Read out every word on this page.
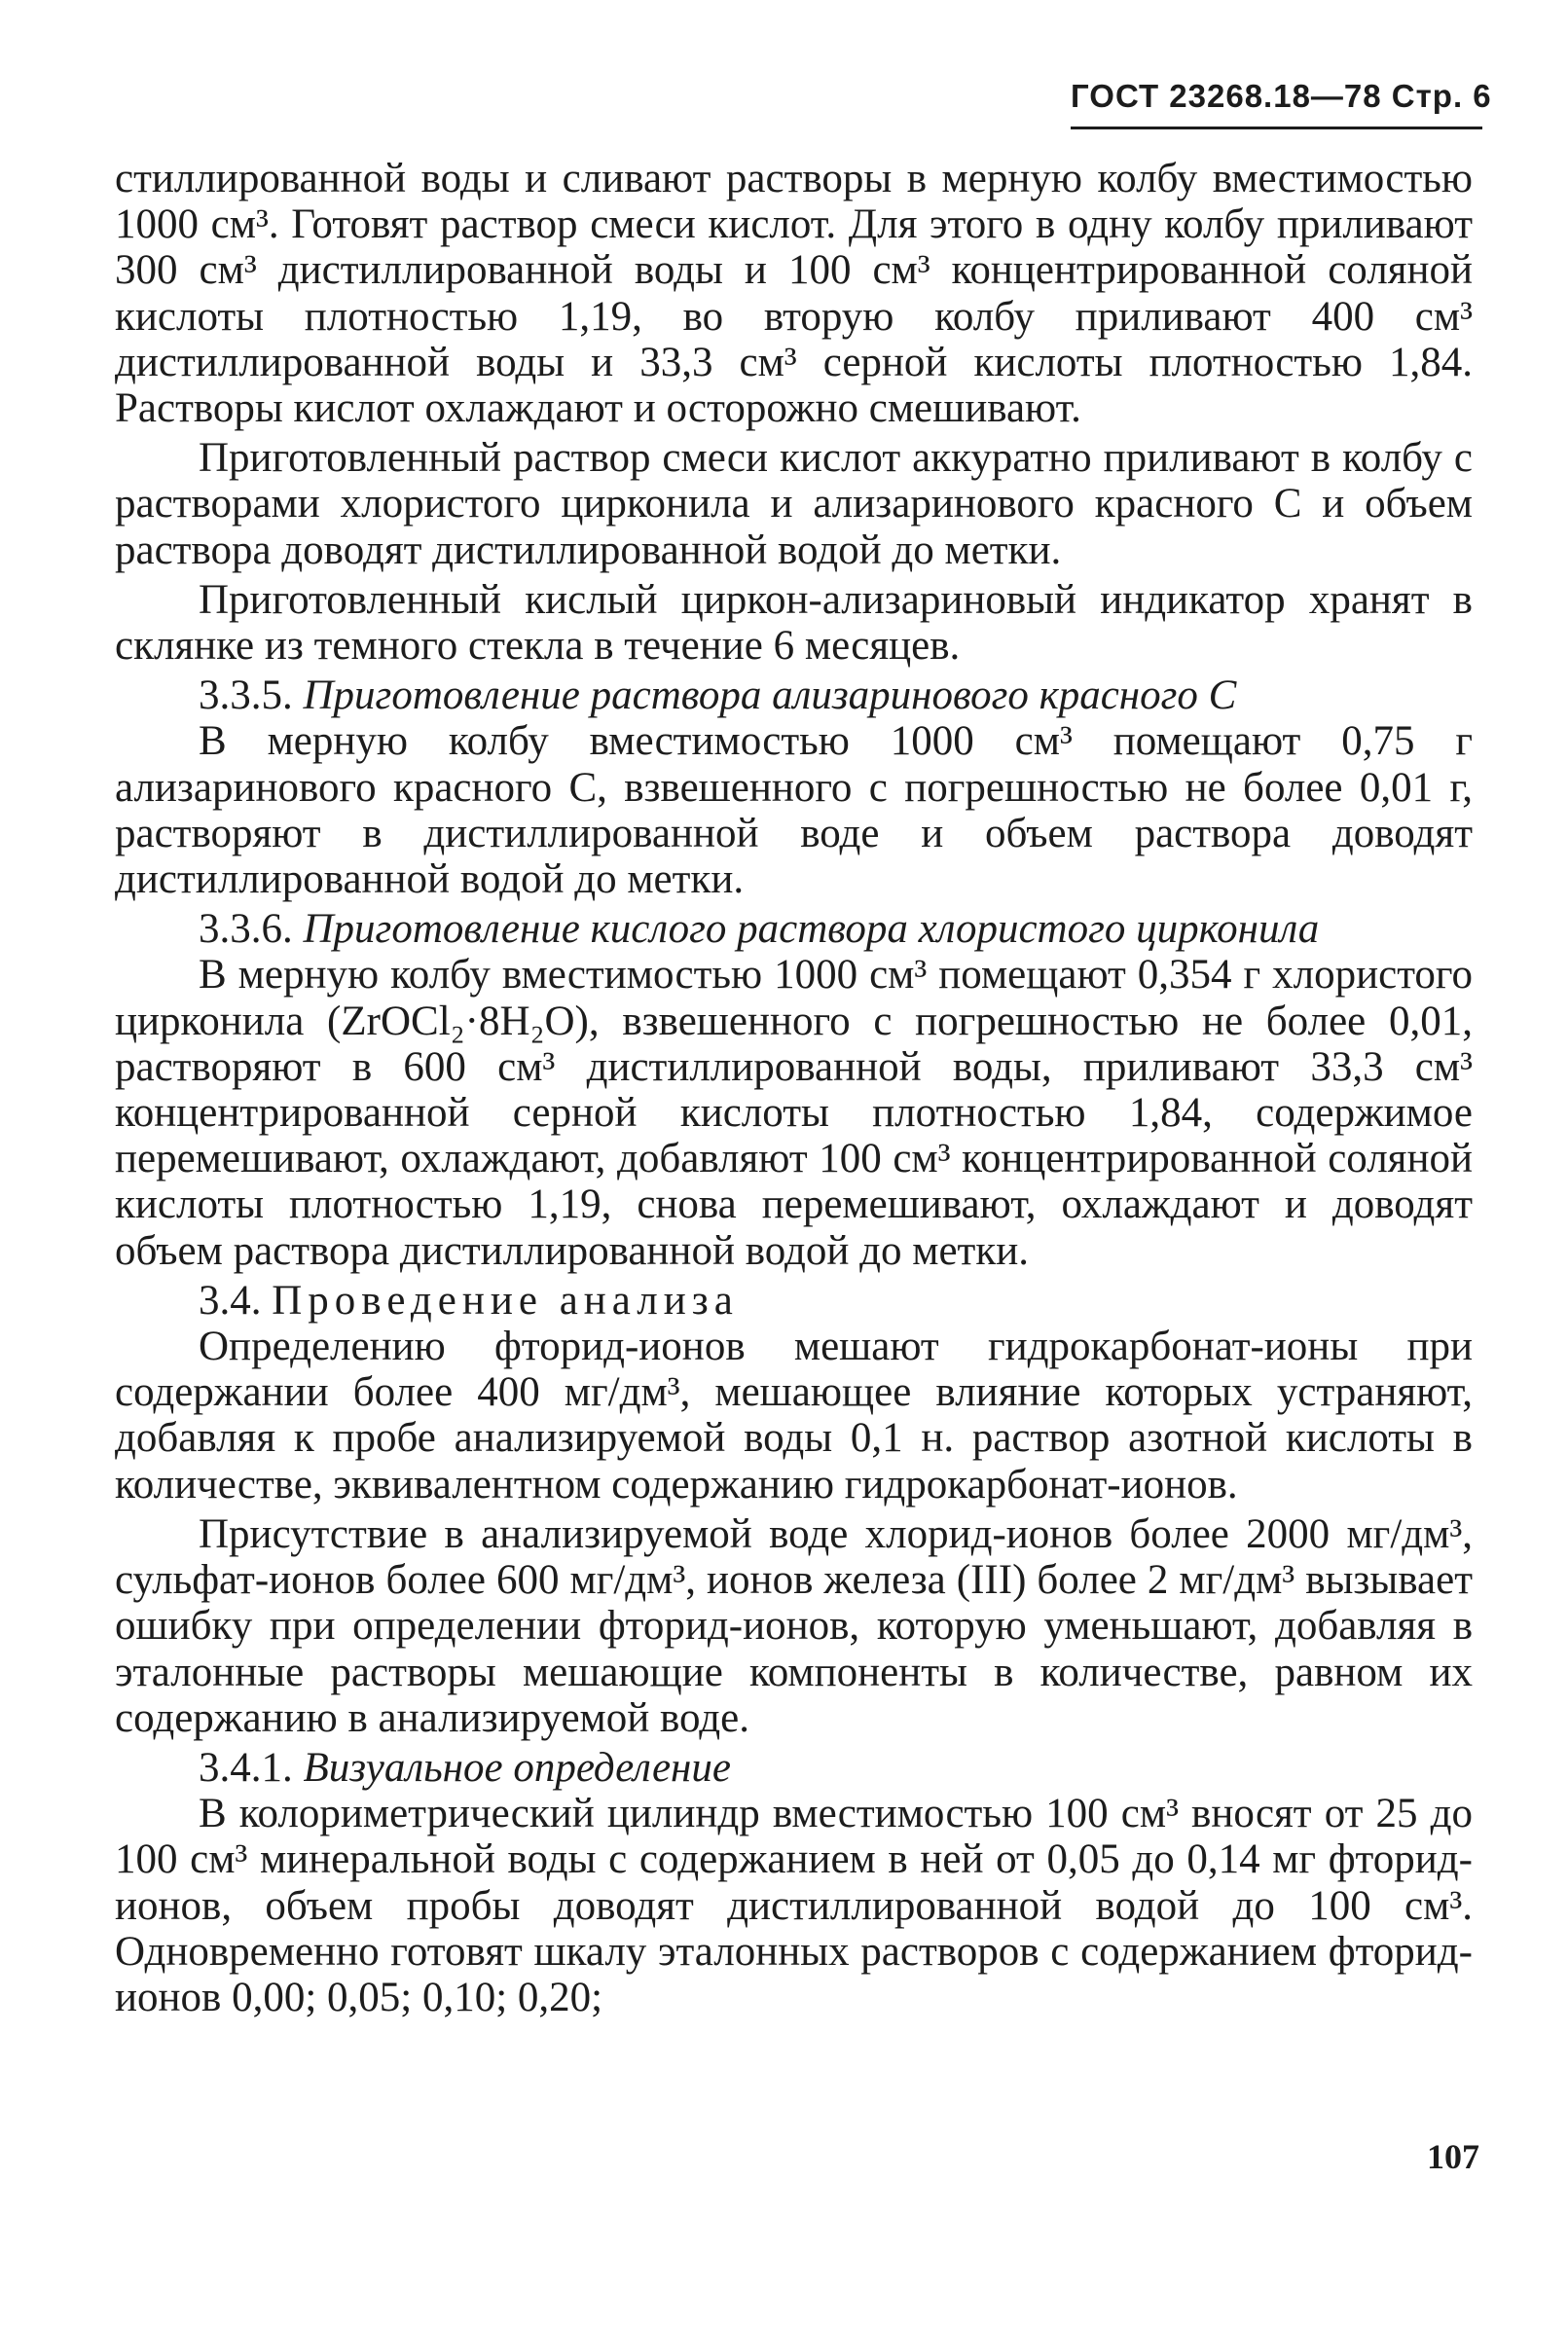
ГОСТ 23268.18—78 Стр. 6

стиллированной воды и сливают растворы в мерную колбу вместимостью 1000 см³. Готовят раствор смеси кислот. Для этого в одну колбу приливают 300 см³ дистиллированной воды и 100 см³ концентрированной соляной кислоты плотностью 1,19, во вторую колбу приливают 400 см³ дистиллированной воды и 33,3 см³ серной кислоты плотностью 1,84. Растворы кислот охлаждают и осторожно смешивают.

Приготовленный раствор смеси кислот аккуратно приливают в колбу с растворами хлористого цирконила и ализаринового красного С и объем раствора доводят дистиллированной водой до метки.

Приготовленный кислый циркон-ализариновый индикатор хранят в склянке из темного стекла в течение 6 месяцев.

3.3.5. Приготовление раствора ализаринового красного С

В мерную колбу вместимостью 1000 см³ помещают 0,75 г ализаринового красного С, взвешенного с погрешностью не более 0,01 г, растворяют в дистиллированной воде и объем раствора доводят дистиллированной водой до метки.

3.3.6. Приготовление кислого раствора хлористого цирконила

В мерную колбу вместимостью 1000 см³ помещают 0,354 г хлористого цирконила (ZrOCl₂·8H₂O), взвешенного с погрешностью не более 0,01, растворяют в 600 см³ дистиллированной воды, приливают 33,3 см³ концентрированной серной кислоты плотностью 1,84, содержимое перемешивают, охлаждают, добавляют 100 см³ концентрированной соляной кислоты плотностью 1,19, снова перемешивают, охлаждают и доводят объем раствора дистиллированной водой до метки.

3.4. Проведение анализа

Определению фторид-ионов мешают гидрокарбонат-ионы при содержании более 400 мг/дм³, мешающее влияние которых устраняют, добавляя к пробе анализируемой воды 0,1 н. раствор азотной кислоты в количестве, эквивалентном содержанию гидрокарбонат-ионов.

Присутствие в анализируемой воде хлорид-ионов более 2000 мг/дм³, сульфат-ионов более 600 мг/дм³, ионов железа (III) более 2 мг/дм³ вызывает ошибку при определении фторид-ионов, которую уменьшают, добавляя в эталонные растворы мешающие компоненты в количестве, равном их содержанию в анализируемой воде.

3.4.1. Визуальное определение

В колориметрический цилиндр вместимостью 100 см³ вносят от 25 до 100 см³ минеральной воды с содержанием в ней от 0,05 до 0,14 мг фторид-ионов, объем пробы доводят дистиллированной водой до 100 см³. Одновременно готовят шкалу эталонных растворов с содержанием фторид-ионов 0,00; 0,05; 0,10; 0,20;

107
